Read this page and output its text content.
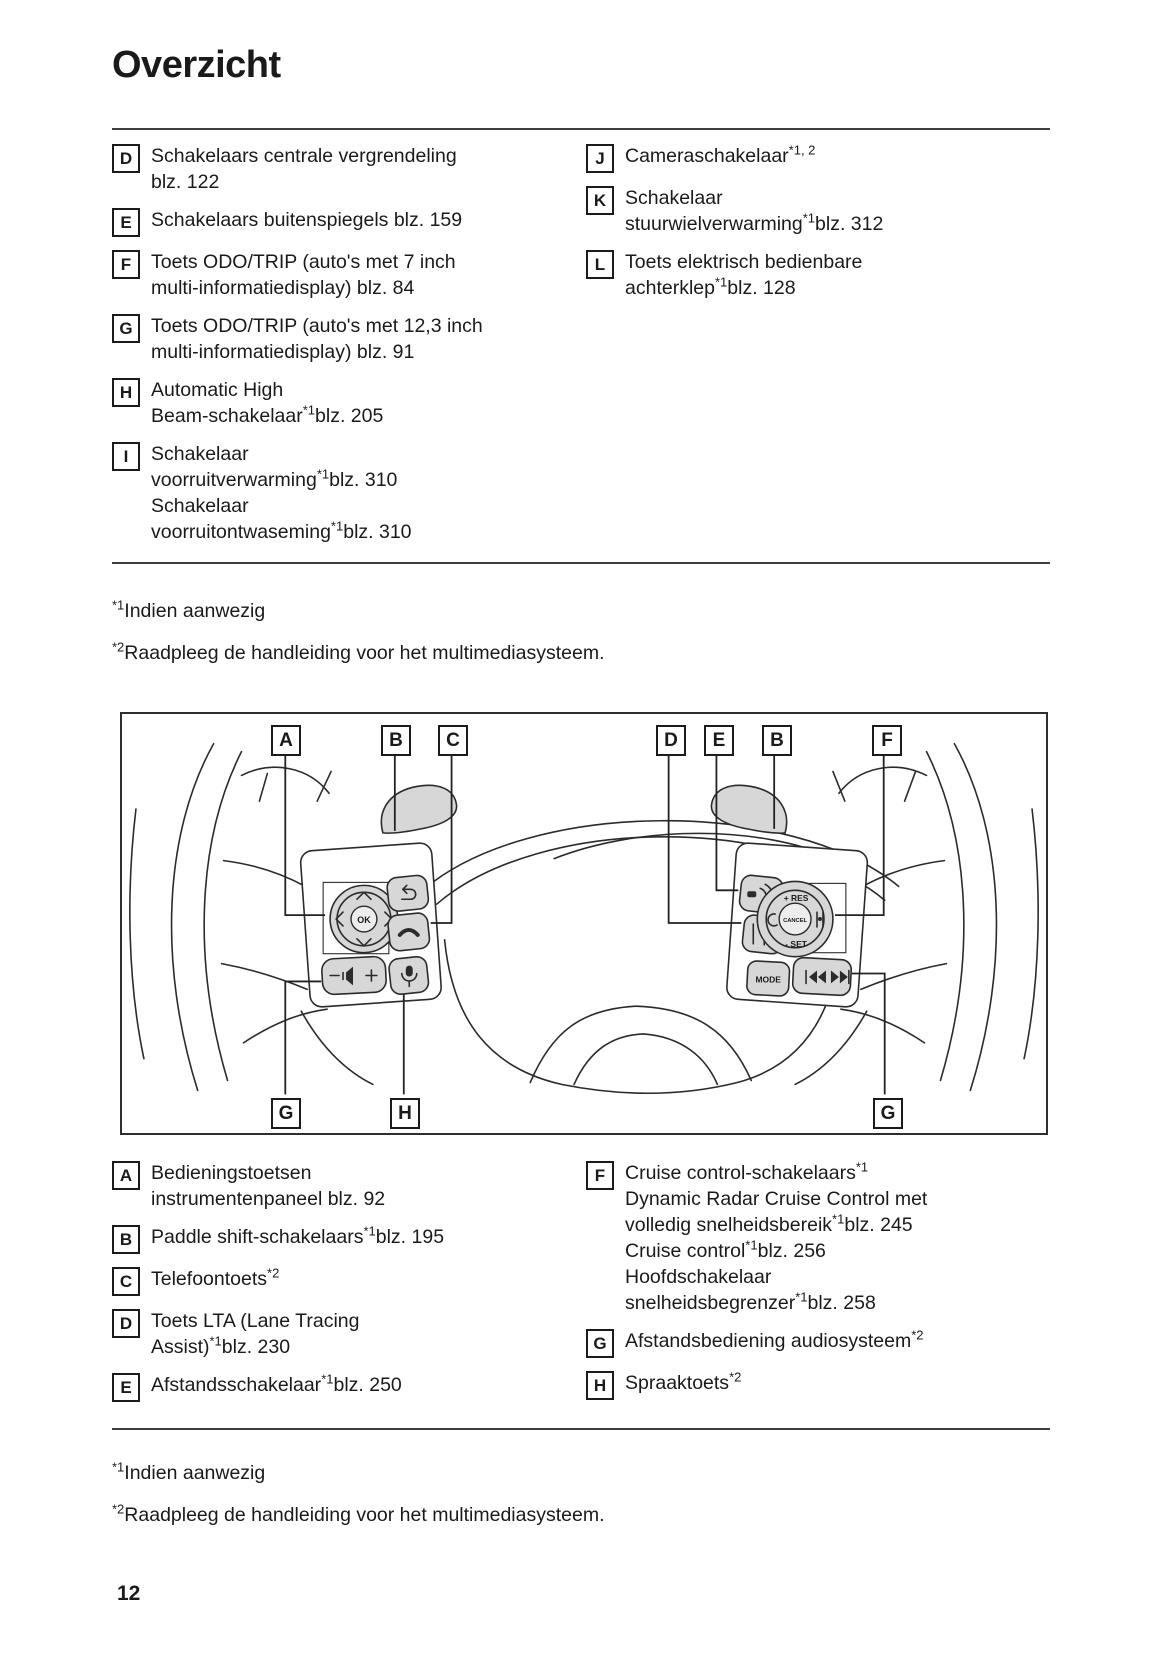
Overzicht
D Schakelaars centrale vergrendeling
blz. 122
E Schakelaars buitenspiegels blz. 159
F	Toets ODO/TRIP (auto's met 7 inch
multi-informatiedisplay) blz. 84
G Toets ODO/TRIP (auto's met 12,3 inch
multi-informatiedisplay) blz. 91
H Automatic High
Beam-schakelaar$^{*1}$blz. 205
I	Schakelaar
voorruitverwarming$^{*1}$blz. 310
Schakelaar
voorruitontwaseming$^{*1}$blz. 310
J	Cameraschakelaar$^{*1, 2}$
K Schakelaar
stuurwielverwarming$^{*1}$blz. 312
L	Toets elektrisch bedienbare
achterklep$^{*1}$blz. 128
$^{*1}$Indien aanwezig
$^{*2}$Raadpleeg de handleiding voor het multimediasysteem.
A	B	C	D	E	B	F
G	H	G
OK
+ RES
- SET
CANCEL
MODE
A Bedieningstoetsen
instrumentenpaneel blz. 92
B Paddle shift-schakelaars$^{*1}$blz. 195
C Telefoontoets$^{*2}$
D Toets LTA (Lane Tracing
Assist)$^{*1}$blz. 230
E Afstandsschakelaar$^{*1}$blz. 250
F	Cruise control-schakelaars$^{*1}$
Dynamic Radar Cruise Control met
volledig snelheidsbereik$^{*1}$blz. 245
Cruise control$^{*1}$blz. 256
Hoofdschakelaar
snelheidsbegrenzer$^{*1}$blz. 258
G Afstandsbediening audiosysteem$^{*2}$
H Spraaktoets$^{*2}$
$^{*1}$Indien aanwezig
$^{*2}$Raadpleeg de handleiding voor het multimediasysteem.
12
